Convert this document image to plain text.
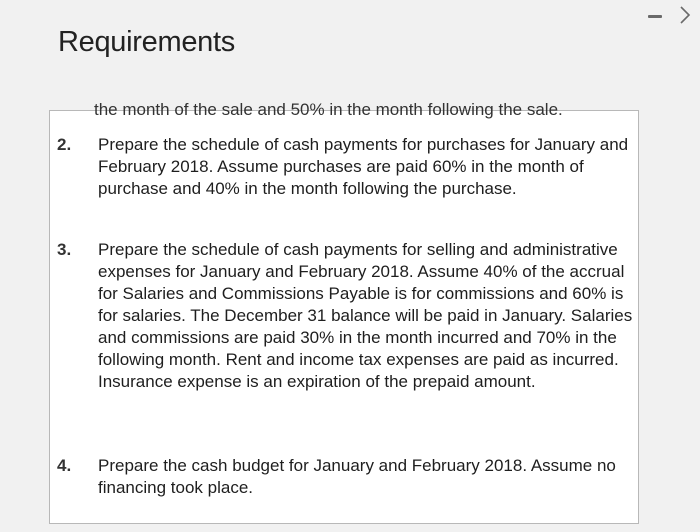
Requirements
the month of the sale and 50% in the month following the sale.
2. Prepare the schedule of cash payments for purchases for January and February 2018. Assume purchases are paid 60% in the month of purchase and 40% in the month following the purchase.
3. Prepare the schedule of cash payments for selling and administrative expenses for January and February 2018. Assume 40% of the accrual for Salaries and Commissions Payable is for commissions and 60% is for salaries. The December 31 balance will be paid in January. Salaries and commissions are paid 30% in the month incurred and 70% in the following month. Rent and income tax expenses are paid as incurred. Insurance expense is an expiration of the prepaid amount.
4. Prepare the cash budget for January and February 2018. Assume no financing took place.
